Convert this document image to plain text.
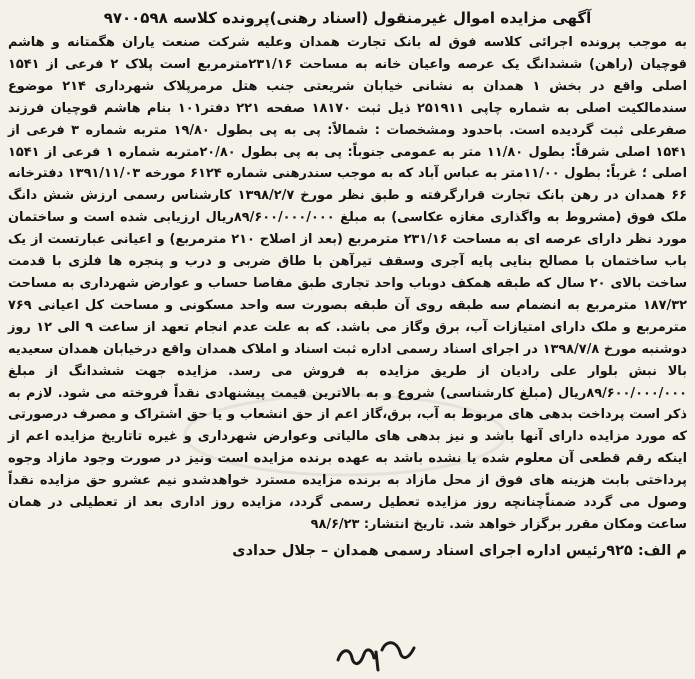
آگهی مزایده اموال غیرمنقول (اسناد رهنی)پرونده کلاسه ۹۷۰۰۵۹۸

به موجب پرونده اجرائی کلاسه فوق له بانک تجارت همدان وعلیه شرکت صنعت یاران هگمتانه و هاشم قوچیان (راهن) ششدانگ یک عرصه واعیان خانه به مساحت ۲۳۱/۱۶مترمربع است پلاک ۲ فرعی از ۱۵۴۱ اصلی واقع در بخش ۱ همدان به نشانی خیابان شریعتی جنب هتل مرمرپلاک شهرداری ۲۱۴ موضوع سندمالکیت اصلی به شماره چاپی ۲۵۱۹۱۱ ذیل ثبت ۱۸۱۷۰ صفحه ۲۲۱ دفتر۱۰۱ بنام هاشم قوچیان فرزند صفرعلی ثبت گردیده است. باحدود ومشخصات : شمالاً: پی به پی بطول ۱۹/۸۰ متربه شماره ۳ فرعی از ۱۵۴۱ اصلی شرقاً: بطول ۱۱/۸۰ متر به عمومی جنوباً: پی به پی بطول ۲۰/۸۰متربه شماره ۱ فرعی از ۱۵۴۱ اصلی ؛ غرباً: بطول ۱۱/۰۰متر به عباس آباد که به موجب سندرهنی شماره ۶۱۲۴ مورخه ۱۳۹۱/۱۱/۰۳ دفترخانه ۶۶ همدان در رهن بانک تجارت قرارگرفته و طبق نظر مورخ ۱۳۹۸/۲/۷ کارشناس رسمی ارزش شش دانگ ملک فوق (مشروط به واگذاری مغازه عکاسی) به مبلغ ۸۹/۶۰۰/۰۰۰/۰۰۰ریال ارزیابی شده است و ساختمان مورد نظر دارای عرصه ای به مساحت ۲۳۱/۱۶ مترمربع (بعد از اصلاح ۲۱۰ مترمربع) و اعیانی عبارتست از یک باب ساختمان با مصالح بنایی پایه آجری وسقف تیرآهن با طاق ضربی و درب و پنجره ها فلزی با قدمت ساخت بالای ۲۰ سال که طبقه همکف دوباب واحد تجاری طبق مفاصا حساب و عوارض شهرداری به مساحت ۱۸۷/۳۲ مترمربع به انضمام سه طبقه روی آن طبقه بصورت سه واحد مسکونی و مساحت کل اعیانی ۷۶۹ مترمربع و ملک دارای امتیازات آب، برق وگاز می باشد. که به علت عدم انجام تعهد از ساعت ۹ الی ۱۲ روز دوشنبه مورخ ۱۳۹۸/۷/۸ در اجرای اسناد رسمی اداره ثبت اسناد و املاک همدان واقع درخیابان همدان سعیدیه بالا نبش بلوار علی رادیان از طریق مزایده به فروش می رسد. مزایده جهت ششدانگ از مبلغ ۸۹/۶۰۰/۰۰۰/۰۰۰ریال (مبلغ کارشناسی) شروع و به بالاترین قیمت پیشنهادی نقداً فروخته می شود. لازم به ذکر است پرداخت بدهی های مربوط به آب، برق،گاز اعم از حق انشعاب و یا حق اشتراک و مصرف درصورتی که مورد مزایده دارای آنها باشد و نیز بدهی های مالیاتی وعوارض شهرداری و غیره تاتاریخ مزایده اعم از اینکه رقم قطعی آن معلوم شده یا نشده باشد به عهده برنده مزایده است ونیز در صورت وجود مازاد وجوه پرداختی بابت هزینه های فوق از محل مازاد به برنده مزایده مسترد خواهدشدو نیم عشرو حق مزایده نقداً وصول می گردد ضمناًچنانچه روز مزایده تعطیل رسمی گردد، مزایده روز اداری بعد از تعطیلی در همان ساعت ومکان مقرر برگزار خواهد شد. تاریخ انتشار: ۹۸/۶/۲۳

م الف: ۹۲۵رئیس اداره اجرای اسناد رسمی همدان – جلال حدادی
